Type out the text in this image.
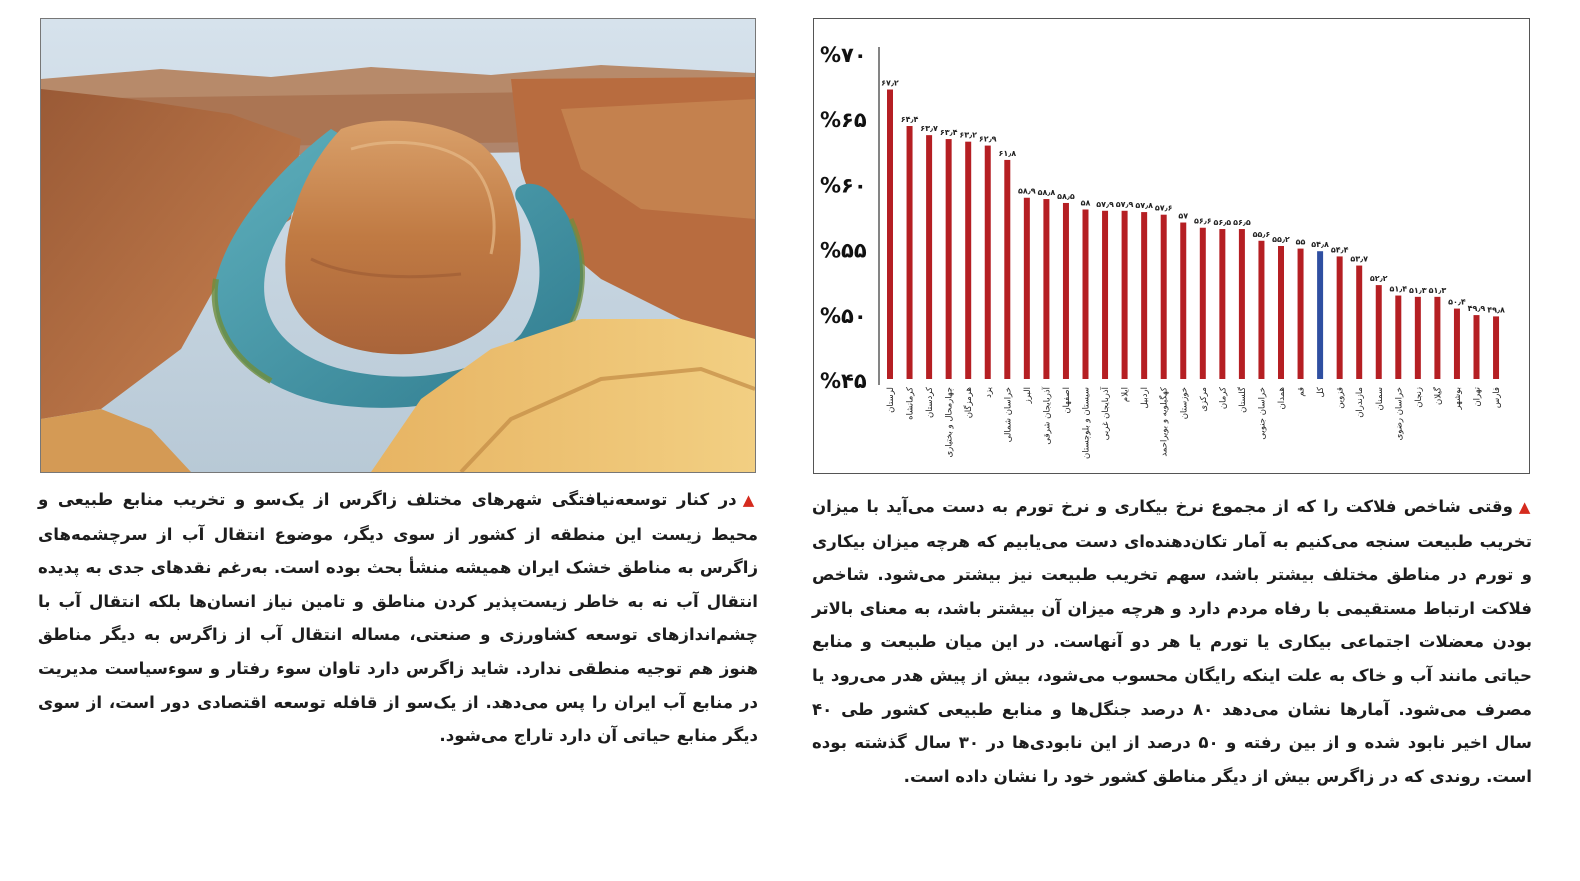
%۴۵
%۵۰
%۵۵
%۶۰
%۶۵
%۷۰
۶۷٫۲
لرستان
۶۴٫۴
کرمانشاه
۶۳٫۷
کردستان
۶۳٫۴
چهارمحال و بختیاری
۶۳٫۲
هرمزگان
۶۲٫۹
یزد
۶۱٫۸
خراسان شمالی
۵۸٫۹
البرز
۵۸٫۸
آذربایجان شرقی
۵۸٫۵
اصفهان
۵۸
سیستان و بلوچستان
۵۷٫۹
آذربایجان غربی
۵۷٫۹
ایلام
۵۷٫۸
اردبیل
۵۷٫۶
کهگیلویه و بویراحمد
۵۷
خوزستان
۵۶٫۶
مرکزی
۵۶٫۵
کرمان
۵۶٫۵
گلستان
۵۵٫۶
خراسان جنوبی
۵۵٫۲
همدان
۵۵
قم
۵۴٫۸
کل
۵۴٫۴
قزوین
۵۳٫۷
مازندران
۵۲٫۲
سمنان
۵۱٫۴
خراسان رضوی
۵۱٫۳
زنجان
۵۱٫۳
گیلان
۵۰٫۴
بوشهر
۴۹٫۹
تهران
۴۹٫۸
فارس

▲وقتی شاخص فلاکت را که از مجموع نرخ بیکاری و نرخ تورم به دست می‌آید با میزان تخریب طبیعت سنجه می‌کنیم به آمار تکان‌دهنده‌ای دست می‌یابیم که هرچه میزان بیکاری و تورم در مناطق مختلف بیشتر باشد، سهم تخریب طبیعت نیز بیشتر می‌شود. شاخص فلاکت ارتباط مستقیمی با رفاه مردم دارد و هرچه میزان آن بیشتر باشد، به معنای بالاتر بودن معضلات اجتماعی بیکاری یا تورم یا هر دو آنهاست. در این میان طبیعت و منابع حیاتی مانند آب و خاک به علت اینکه رایگان محسوب می‌شود، بیش از پیش هدر می‌رود یا مصرف می‌شود. آمارها نشان می‌دهد ۸۰ درصد جنگل‌ها و منابع طبیعی کشور طی ۴۰ سال اخیر نابود شده و از بین رفته و ۵۰ درصد از این نابودی‌ها در ۳۰ سال گذشته بوده است. روندی که در زاگرس بیش از دیگر مناطق کشور خود را نشان داده است.

▲در کنار توسعه‌نیافتگی شهرهای مختلف زاگرس از یک‌سو و تخریب منابع طبیعی و محیط زیست این منطقه از کشور از سوی دیگر، موضوع انتقال آب از سرچشمه‌های زاگرس به مناطق خشک ایران همیشه منشأ بحث بوده است. به‌رغم نقدهای جدی به پدیده انتقال آب نه به خاطر زیست‌پذیر کردن مناطق و تامین نیاز انسان‌ها بلکه انتقال آب با چشم‌اندازهای توسعه کشاورزی و صنعتی، مساله انتقال آب از زاگرس به دیگر مناطق هنوز هم توجیه منطقی ندارد. شاید زاگرس دارد تاوان سوء رفتار و سوءسیاست مدیریت در منابع آب ایران را پس می‌دهد. از یک‌سو از قافله توسعه اقتصادی دور است، از سوی دیگر منابع حیاتی آن دارد تاراج می‌شود.
